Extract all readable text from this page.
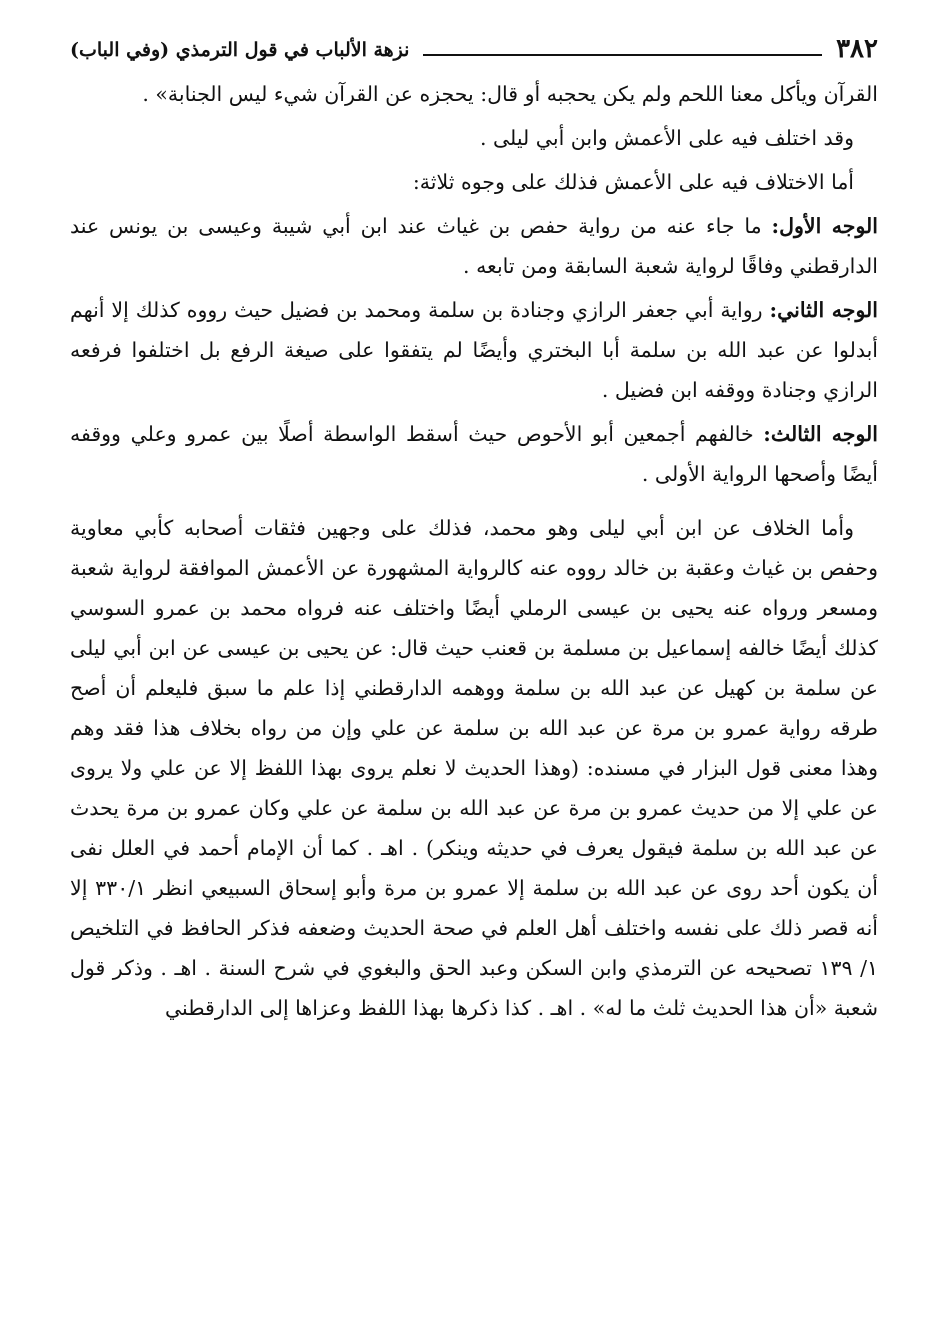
٣٨٢
نزهة الألباب في قول الترمذي (وفي الباب)

القرآن ويأكل معنا اللحم ولم يكن يحجبه أو قال: يحجزه عن القرآن شيء ليس الجنابة» .

وقد اختلف فيه على الأعمش وابن أبي ليلى .

أما الاختلاف فيه على الأعمش فذلك على وجوه ثلاثة:

الوجه الأول: ما جاء عنه من رواية حفص بن غياث عند ابن أبي شيبة وعيسى بن يونس عند الدارقطني وفاقًا لرواية شعبة السابقة ومن تابعه .

الوجه الثاني: رواية أبي جعفر الرازي وجنادة بن سلمة ومحمد بن فضيل حيث رووه كذلك إلا أنهم أبدلوا عن عبد الله بن سلمة أبا البختري وأيضًا لم يتفقوا على صيغة الرفع بل اختلفوا فرفعه الرازي وجنادة ووقفه ابن فضيل .

الوجه الثالث: خالفهم أجمعين أبو الأحوص حيث أسقط الواسطة أصلًا بين عمرو وعلي ووقفه أيضًا وأصحها الرواية الأولى .

وأما الخلاف عن ابن أبي ليلى وهو محمد، فذلك على وجهين فثقات أصحابه كأبي معاوية وحفص بن غياث وعقبة بن خالد رووه عنه كالرواية المشهورة عن الأعمش الموافقة لرواية شعبة ومسعر ورواه عنه يحيى بن عيسى الرملي أيضًا واختلف عنه فرواه محمد بن عمرو السوسي كذلك أيضًا خالفه إسماعيل بن مسلمة بن قعنب حيث قال: عن يحيى بن عيسى عن ابن أبي ليلى عن سلمة بن كهيل عن عبد الله بن سلمة ووهمه الدارقطني إذا علم ما سبق فليعلم أن أصح طرقه رواية عمرو بن مرة عن عبد الله بن سلمة عن علي وإن من رواه بخلاف هذا فقد وهم وهذا معنى قول البزار في مسنده: (وهذا الحديث لا نعلم يروى بهذا اللفظ إلا عن علي ولا يروى عن علي إلا من حديث عمرو بن مرة عن عبد الله بن سلمة عن علي وكان عمرو بن مرة يحدث عن عبد الله بن سلمة فيقول يعرف في حديثه وينكر) . اهـ . كما أن الإمام أحمد في العلل نفى أن يكون أحد روى عن عبد الله بن سلمة إلا عمرو بن مرة وأبو إسحاق السبيعي انظر ٣٣٠/١ إلا أنه قصر ذلك على نفسه واختلف أهل العلم في صحة الحديث وضعفه فذكر الحافظ في التلخيص ١/ ١٣٩ تصحيحه عن الترمذي وابن السكن وعبد الحق والبغوي في شرح السنة . اهـ . وذكر قول شعبة «أن هذا الحديث ثلث ما له» . اهـ . كذا ذكرها بهذا اللفظ وعزاها إلى الدارقطني
